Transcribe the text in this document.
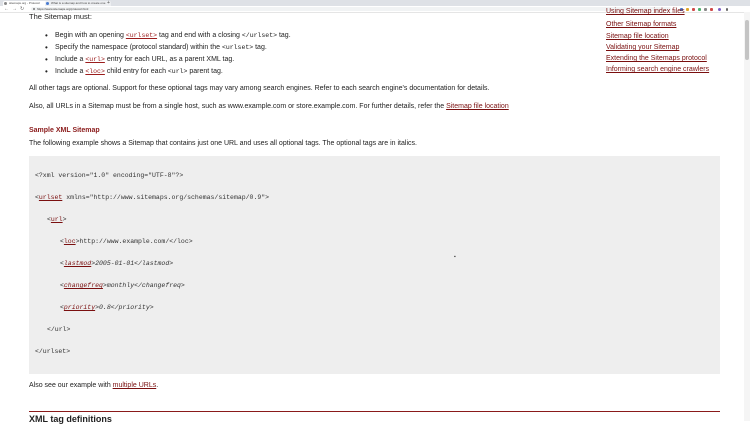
sitemaps.org - Protocol	What is a sitemap and how to create one +
← → ↻	https://www.sitemaps.org/protocol.html
The Sitemap must:
• Begin with an opening <urlset> tag and end with a closing </urlset> tag.
• Specify the namespace (protocol standard) within the <urlset> tag.
• Include a <url> entry for each URL, as a parent XML tag.
• Include a <loc> child entry for each <url> parent tag.

All other tags are optional. Support for these optional tags may vary among search engines. Refer to each search engine's documentation for details.

Also, all URLs in a Sitemap must be from a single host, such as www.example.com or store.example.com. For further details, refer the Sitemap file location

Sample XML Sitemap

The following example shows a Sitemap that contains just one URL and uses all optional tags. The optional tags are in italics.

<?xml version="1.0" encoding="UTF-8"?>
<urlset xmlns="http://www.sitemaps.org/schemas/sitemap/0.9">
<url>
<loc>http://www.example.com/</loc>
<lastmod>2005-01-01</lastmod>
<changefreq>monthly</changefreq>
<priority>0.8</priority>
</url>
</urlset>

Also see our example with multiple URLs.

XML tag definitions
Using Sitemap index files
Other Sitemap formats
Sitemap file location
Validating your Sitemap
Extending the Sitemaps protocol
Informing search engine crawlers
▪
